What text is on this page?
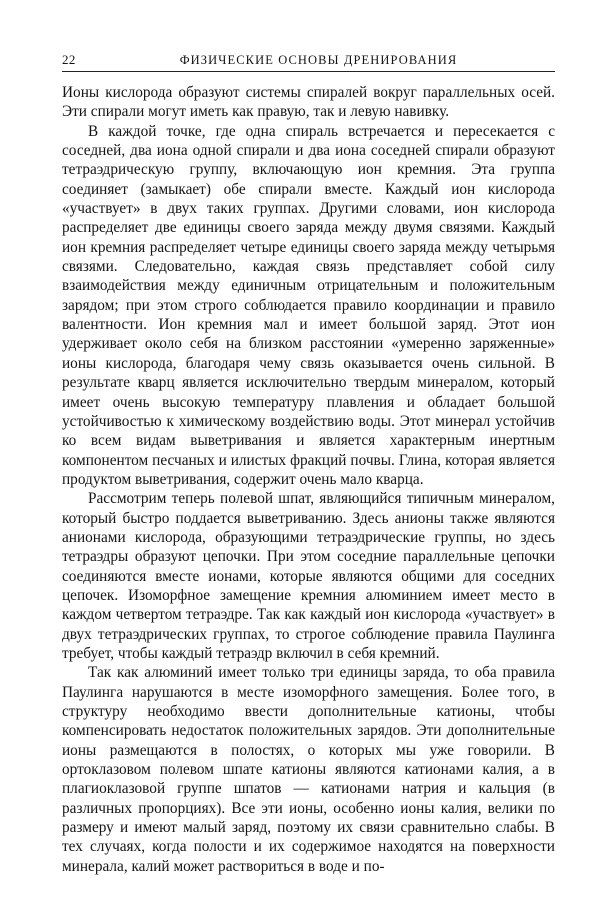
22	ФИЗИЧЕСКИЕ ОСНОВЫ ДРЕНИРОВАНИЯ

Ионы кислорода образуют системы спиралей вокруг параллельных осей. Эти спирали могут иметь как правую, так и левую навивку.

В каждой точке, где одна спираль встречается и пересекается с соседней, два иона одной спирали и два иона соседней спирали образуют тетраэдрическую группу, включающую ион кремния. Эта группа соединяет (замыкает) обе спирали вместе. Каждый ион кислорода «участвует» в двух таких группах. Другими словами, ион кислорода распределяет две единицы своего заряда между двумя связями. Каждый ион кремния распределяет четыре единицы своего заряда между четырьмя связями. Следовательно, каждая связь представляет собой силу взаимодействия между единичным отрицательным и положительным зарядом; при этом строго соблюдается правило координации и правило валентности. Ион кремния мал и имеет большой заряд. Этот ион удерживает около себя на близком расстоянии «умеренно заряженные» ионы кислорода, благодаря чему связь оказывается очень сильной. В результате кварц является исключительно твердым минералом, который имеет очень высокую температуру плавления и обладает большой устойчивостью к химическому воздействию воды. Этот минерал устойчив ко всем видам выветривания и является характерным инертным компонентом песчаных и илистых фракций почвы. Глина, которая является продуктом выветривания, содержит очень мало кварца.

Рассмотрим теперь полевой шпат, являющийся типичным минералом, который быстро поддается выветриванию. Здесь анионы также являются анионами кислорода, образующими тетраэдрические группы, но здесь тетраэдры образуют цепочки. При этом соседние параллельные цепочки соединяются вместе ионами, которые являются общими для соседних цепочек. Изоморфное замещение кремния алюминием имеет место в каждом четвертом тетраэдре. Так как каждый ион кислорода «участвует» в двух тетраэдрических группах, то строгое соблюдение правила Паулинга требует, чтобы каждый тетраэдр включил в себя кремний.

Так как алюминий имеет только три единицы заряда, то оба правила Паулинга нарушаются в месте изоморфного замещения. Более того, в структуру необходимо ввести дополнительные катионы, чтобы компенсировать недостаток положительных зарядов. Эти дополнительные ионы размещаются в полостях, о которых мы уже говорили. В ортоклазовом полевом шпате катионы являются катионами калия, а в плагиоклазовой группе шпатов — катионами натрия и кальция (в различных пропорциях). Все эти ионы, особенно ионы калия, велики по размеру и имеют малый заряд, поэтому их связи сравнительно слабы. В тех случаях, когда полости и их содержимое находятся на поверхности минерала, калий может раствориться в воде и по-
